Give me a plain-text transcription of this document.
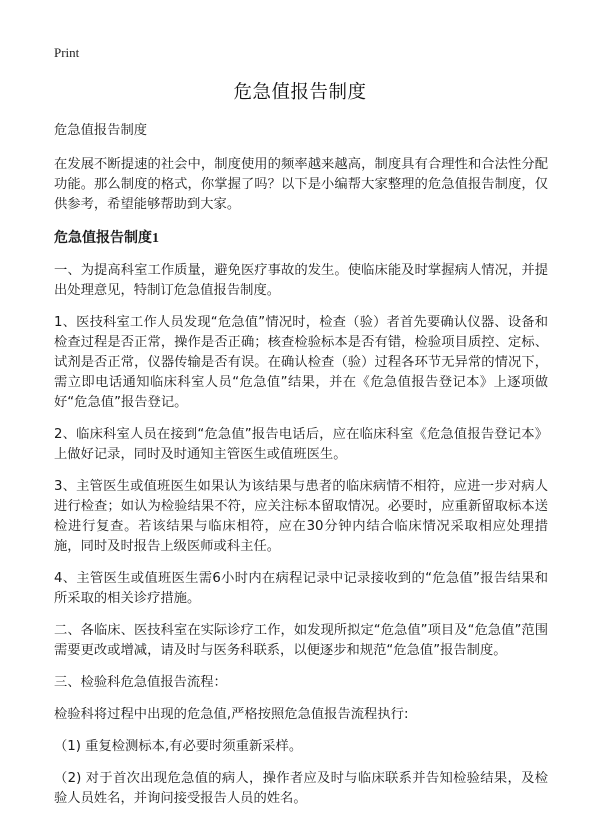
Print
危急值报告制度

危急值报告制度

在发展不断提速的社会中，制度使用的频率越来越高，制度具有合理性和合法性分配功能。那么制度的格式，你掌握了吗？以下是小编帮大家整理的危急值报告制度，仅供参考，希望能够帮助到大家。

危急值报告制度1

一、为提高科室工作质量，避免医疗事故的发生。使临床能及时掌握病人情况，并提出处理意见，特制订危急值报告制度。

1、医技科室工作人员发现“危急值”情况时，检查（验）者首先要确认仪器、设备和检查过程是否正常，操作是否正确；核查检验标本是否有错，检验项目质控、定标、试剂是否正常，仪器传输是否有误。在确认检查（验）过程各环节无异常的情况下，需立即电话通知临床科室人员“危急值”结果，并在《危急值报告登记本》上逐项做好“危急值”报告登记。

2、临床科室人员在接到“危急值”报告电话后，应在临床科室《危急值报告登记本》上做好记录，同时及时通知主管医生或值班医生。

3、主管医生或值班医生如果认为该结果与患者的临床病情不相符，应进一步对病人进行检查；如认为检验结果不符，应关注标本留取情况。必要时，应重新留取标本送检进行复查。若该结果与临床相符，应在30分钟内结合临床情况采取相应处理措施，同时及时报告上级医师或科主任。

4、主管医生或值班医生需6小时内在病程记录中记录接收到的“危急值”报告结果和所采取的相关诊疗措施。

二、各临床、医技科室在实际诊疗工作，如发现所拟定“危急值”项目及“危急值”范围需要更改或增减，请及时与医务科联系，以便逐步和规范“危急值”报告制度。

三、检验科危急值报告流程：

检验科将过程中出现的危急值,严格按照危急值报告流程执行:

（1) 重复检测标本,有必要时须重新采样。

（2) 对于首次出现危急值的病人，操作者应及时与临床联系并告知检验结果，及检验人员姓名，并询问接受报告人员的姓名。
